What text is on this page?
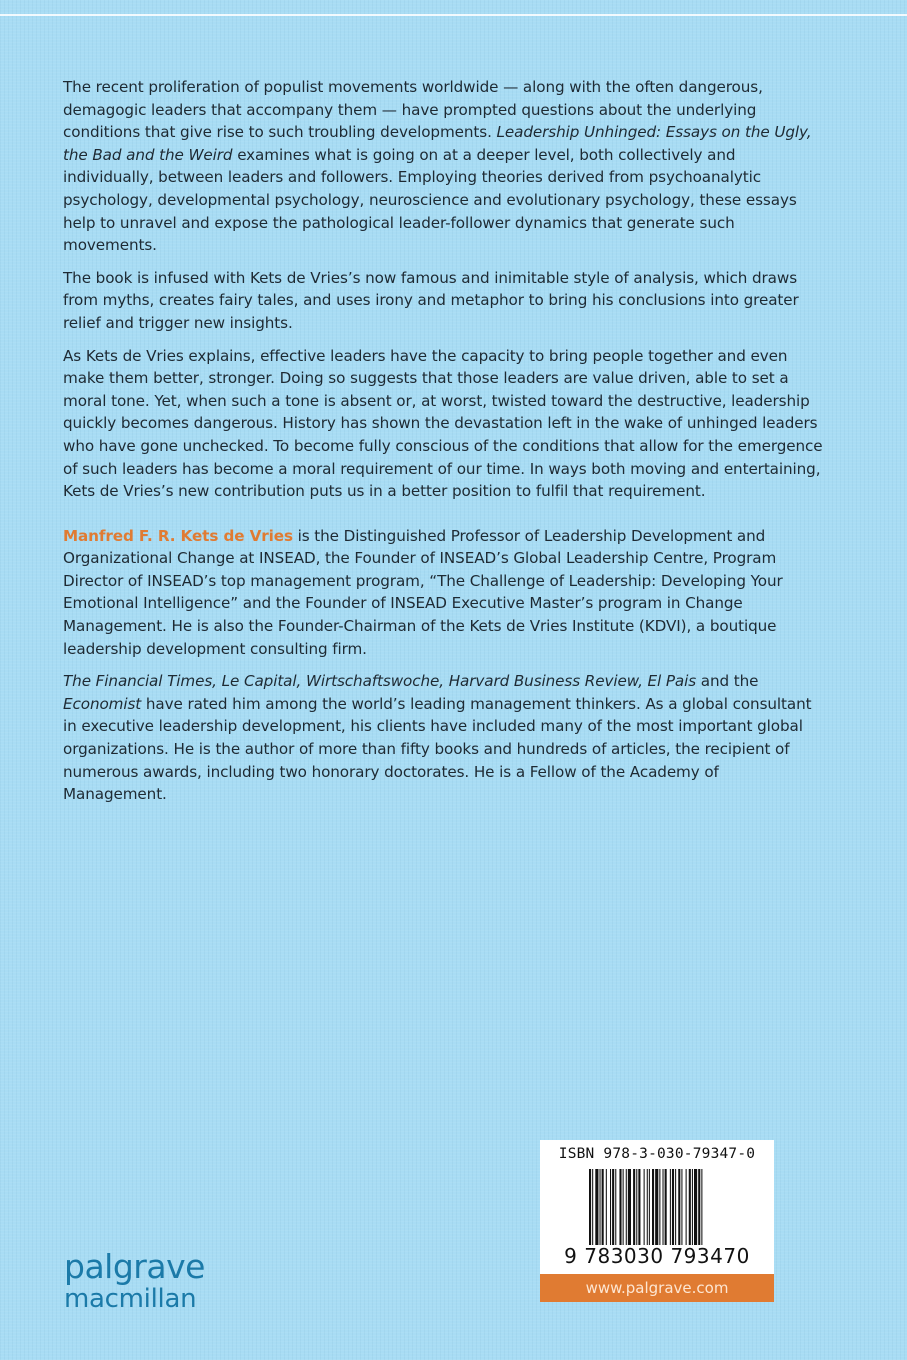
The recent proliferation of populist movements worldwide — along with the often dangerous, demagogic leaders that accompany them — have prompted questions about the underlying conditions that give rise to such troubling developments. Leadership Unhinged: Essays on the Ugly, the Bad and the Weird examines what is going on at a deeper level, both collectively and individually, between leaders and followers. Employing theories derived from psychoanalytic psychology, developmental psychology, neuroscience and evolutionary psychology, these essays help to unravel and expose the pathological leader-follower dynamics that generate such movements.

The book is infused with Kets de Vries’s now famous and inimitable style of analysis, which draws from myths, creates fairy tales, and uses irony and metaphor to bring his conclusions into greater relief and trigger new insights.

As Kets de Vries explains, effective leaders have the capacity to bring people together and even make them better, stronger. Doing so suggests that those leaders are value driven, able to set a moral tone. Yet, when such a tone is absent or, at worst, twisted toward the destructive, leadership quickly becomes dangerous. History has shown the devastation left in the wake of unhinged leaders who have gone unchecked. To become fully conscious of the conditions that allow for the emergence of such leaders has become a moral requirement of our time. In ways both moving and entertaining, Kets de Vries’s new contribution puts us in a better position to fulfil that requirement.

Manfred F. R. Kets de Vries is the Distinguished Professor of Leadership Development and Organizational Change at INSEAD, the Founder of INSEAD’s Global Leadership Centre, Program Director of INSEAD’s top management program, “The Challenge of Leadership: Developing Your Emotional Intelligence” and the Founder of INSEAD Executive Master’s program in Change Management. He is also the Founder-Chairman of the Kets de Vries Institute (KDVI), a boutique leadership development consulting firm.

The Financial Times, Le Capital, Wirtschaftswoche, Harvard Business Review, El Pais and the Economist have rated him among the world’s leading management thinkers. As a global consultant in executive leadership development, his clients have included many of the most important global organizations. He is the author of more than fifty books and hundreds of articles, the recipient of numerous awards, including two honorary doctorates. He is a Fellow of the Academy of Management.

palgrave
macmillan
ISBN 978-3-030-79347-0
9 783030 793470
www.palgrave.com
